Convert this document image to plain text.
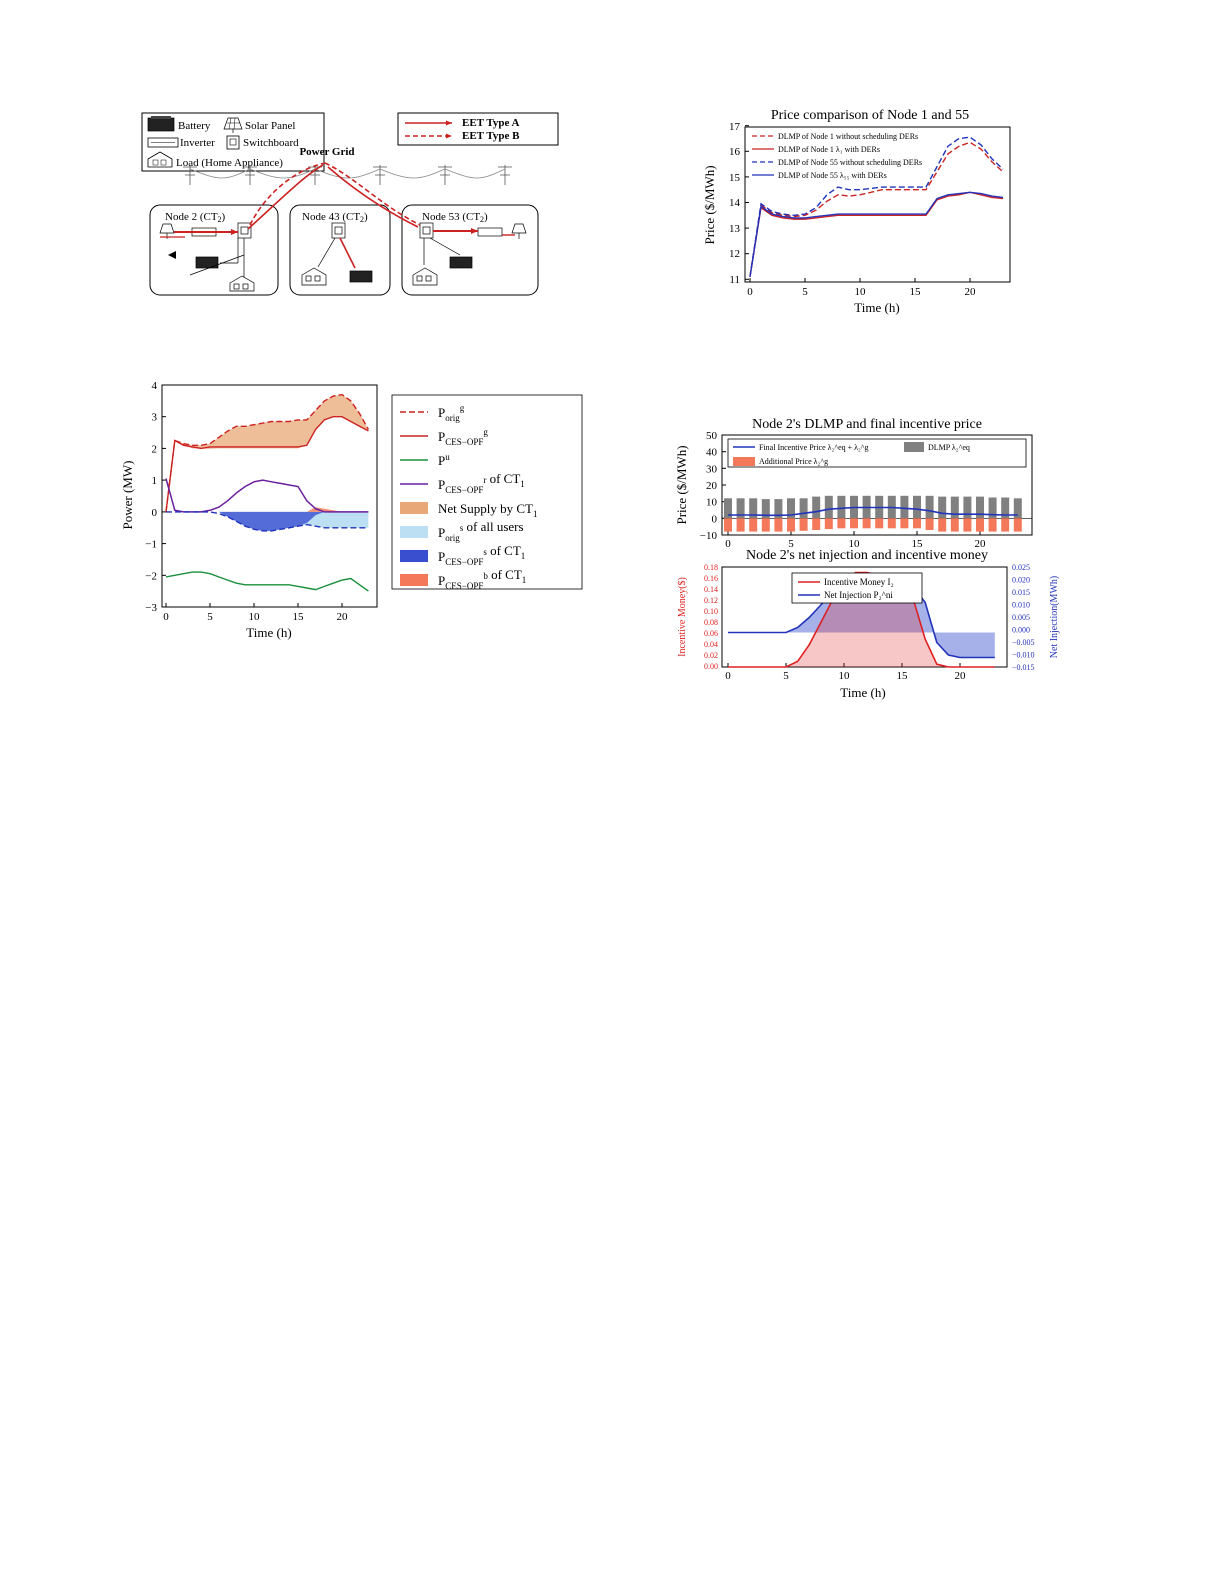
Battery	Solar Panel
Inverter	Switchboard
Load (Home Appliance)
EET Type A
EET Type B
Power Grid
Node 2 (CT2)	Node 43 (CT2)	Node 53 (CT2)
Price comparison of Node 1 and 55
11
12
13
14
15
16
17
0	5	10	15	20
Time (h)
Price ($/MWh)
DLMP of Node 1 without scheduling DERs
DLMP of Node 1 λ₁ with DERs
DLMP of Node 55 without scheduling DERs
DLMP of Node 55 λ₅₅ with DERs
4
3
2
1
0
−1
−2
−3
0	5	10	15	20
Time (h)
Power (MW)
$P_{orig}^g$
$P_{CES-OPF}^g$
$P^u$
$P_{CES-OPF}^r$ of $CT_1$
Net Supply by $CT_1$
$P_{orig}^s$ of all users
$P_{CES-OPF}^s$ of $CT_1$
$P_{CES-OPF}^b$ of $CT_1$
Node 2's DLMP and final incentive price
50
40
30
20
10
0
−10
0	5	10	15	20
Price ($/MWh)	Final Incentive Price λ₂^eq + λ₂^g	DLMP λ₂^eq
Additional Price λ₂^g
Node 2's net injection and incentive money
0.18
0.16
0.14
0.12
0.10
0.08
0.06
0.04
0.02
0.00
0.025
0.020
0.015
0.010
0.005
0.000
−0.005
−0.010
−0.015
0	5	10	15	20
Time (h)
Incentive Money($)	Net Injection(MWh)
Incentive Money I₂
Net Injection P₂^ni
